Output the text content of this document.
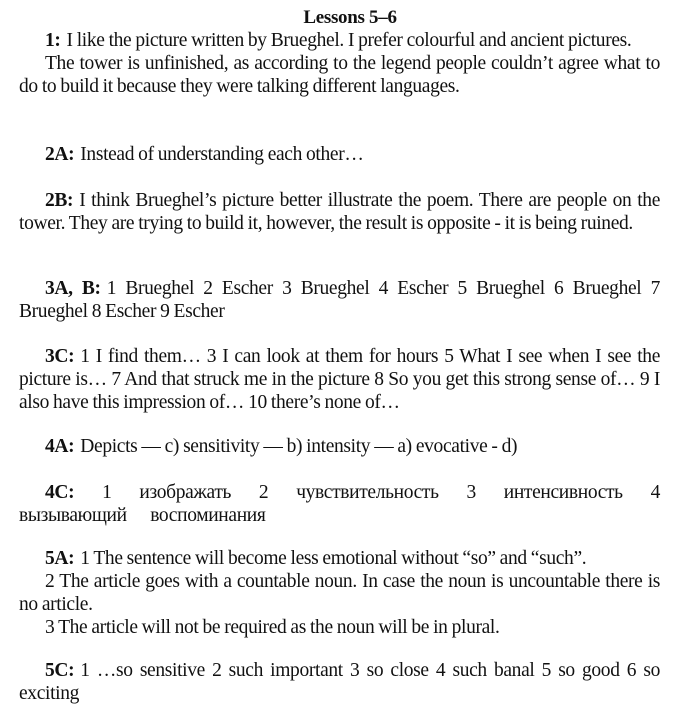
Lessons 5–6

1: I like the picture written by Brueghel. I prefer colourful and ancient pictures.

The tower is unfinished, as according to the legend people couldn’t agree what to do to build it because they were talking different languages.

2A: Instead of understanding each other…

2B: I think Brueghel’s picture better illustrate the poem. There are people on the tower. They are trying to build it, however, the result is opposite - it is being ruined.

3A, B: 1 Brueghel 2 Escher 3 Brueghel 4 Escher 5 Brueghel 6 Brueghel 7 Brueghel 8 Escher 9 Escher

3C: 1 I find them… 3 I can look at them for hours 5 What I see when I see the picture is… 7 And that struck me in the picture 8 So you get this strong sense of… 9 I also have this impression of… 10 there’s none of…

4A: Depicts — c) sensitivity — b) intensity — a) evocative - d)

4C: 1 изображать 2 чувствительность 3 интенсивность 4 вызывающий воспоминания

5A: 1 The sentence will become less emotional without “so” and “such”.

2 The article goes with a countable noun. In case the noun is uncountable there is no article.

3 The article will not be required as the noun will be in plural.

5C: 1 …so sensitive 2 such important 3 so close 4 such banal 5 so good 6 so exciting
